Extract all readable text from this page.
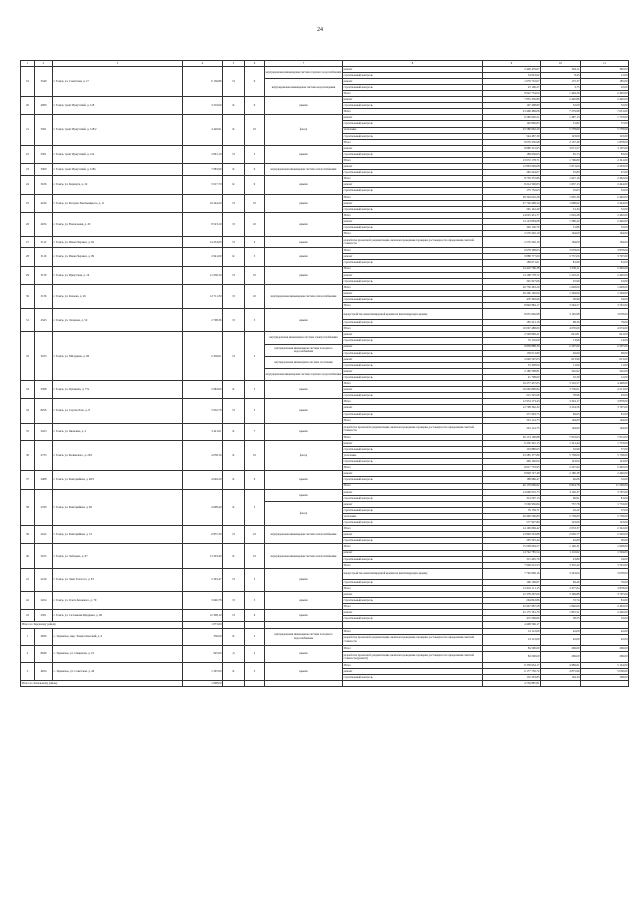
24
1	2	3	4	5	6	7	8	9	10	11
19	3340	г. Томск, ул. Советская, д. 17	6 156,86	П	9	внутридомовая инженерная система горячего водоснабжения	ремонт	2 426 479,67	394,11	382,00
							строительный контроль	54 023,62	8,45	12,00
						внутридомовая инженерная система водоотведения	ремонт	1 079 732,07	175,37	185,00
							строительный контроль	23 106,27	3,75	10,00
							Итого	8 922 734,00	1 449,26	2 495,00
20	4090	г. Томск, тракт Иркутский, д. 118	3 219,60	К	9	крыша	ремонт	7 855 356,89	2 440,86	2 440,00
							строительный контроль	167 408,80	52,00	52,00
							Итого	23 466 489,08	7 279,98	7 631,00
21	3301	г. Томск, тракт Иркутский, д. 118/2	4 426,91	К	10	фасад	ремонт	6 582 620,21	1 487,13	1 733,00
							строительный контроль	140 860,85	31,82	37,00
							утепление	25 580 062,20	5 778,60	5 778,00
							строительный контроль	544 487,30	123,00	123,00
							Итого	8 070 250,98	2 137,30	1 878,00
22	3301	г. Томск, тракт Иркутский, д. 122	2 891,10	П	5	крыша	ремонт	8 880 312,95	3 071,57	3 197,00
							строительный контроль	189 036,63	65,73	83,00
							Итого	13 072 178,71	1 706,80	2 341,00
23	3309	г. Томск, тракт Иркутский, д. 128а	7 683,90	К	9	внутридомовая инженерная система теплоснабжения	ремонт	12 803 009,68	1 671,04	2 293,00
							строительный контроль	282 244,07	35,80	47,00
24	3166	г. Томск, ул. Барнаула, д. 22	5 017,70	К	9	крыша	Итого	8 750 372,86	1 627,16	2 492,00
							ремонт	8 214 590,83	1 637,13	2 444,00
							строительный контроль	175 752,03	35,03	52,00
25	4240	г. Томск, ул. Богдана Хмельницкого, д. 11	16 244,29	П	10	крыша	Итого	28 304 616,28	1 695,36	2 492,00
							ремонт	27 726 498,54	1 668,62	2 444,00
							строительный контроль	591 142,29	31,34	52,00
26	4184	г. Томск, ул. Вокзальная, д. 43	8 523,10	П	10	крыша	Итого	14 025 451,77	1 616,28	2 492,00
							ремонт	14 123 804,08	1 580,42	2 440,00
							строительный контроль	302 136,79	31,86	52,00
							Итого	2 570 292,10	164,00	164,00
27	3112	г. Томск, ул. Ивана Черных, д. 92	14 453,00	П	9	крыша	разработка проектной документации, включая проведение проверки достоверности определения сметной стоимости	2 570 292,10	164,00	164,00
28	3116	г. Томск, ул. Ивана Черных, д. 99	2 941,00	К	5	крыша	Итого	9 678 398,03	3 678,00	3 878,00
							ремонт	9 888 777,60	3 757,00	3 797,00
							строительный контроль	189 671,01	81,99	81,00
29	3130	г. Томск, ул. Иркутская, д. 16	11 658,10	П	10	крыша	Итого	14 410 766,38	1 236,11	2 492,00
							ремонт	14 108 778,72	1 210,21	2 440,00
							строительный контроль	301 927,66	25,90	52,00
30	3136	г. Томск, ул. Клюева, д. 26	12 711,30	П	10	внутридомовая инженерная система теплоснабжения	Итого	26 730 463,20	1 628,00	1 628,00
							ремонт	26 260 140,60	1 594,60	1 594,00
							строительный контроль	470 349,60	36,99	34,00
							Итого	8 840 884,17	3 264,57	3 745,00
31	4343	г. Томск, ул. Лазарева, д. 52	2 708,36	П	5	крыша	переустройство невентилируемой крыши на вентилируемую крышу	8 655 662,98	3 195,98	3 678,00
							строительный контроль	185 221,19	68,39	79,00
							Итого	10 067 488,00	4 070,00	4 074,00
32	3433	г. Томск, ул. Мичурина, д. 84	2 439,01	П	5	внутридомовая инженерная система электроснабжения	ремонт	2 528 809,41	641,81	641,00
							строительный контроль	55 116,00	13,98	14,00
						внутридомовая инженерная система холодного водоснабжения	ремонт	9 858 888,39	2 297,60	2 297,00
							строительный контроль	138 013,80	49,69	69,00
						внутридомовая инженерная система отопления	ремонт	2 620 567,03	613,99	613,00
							строительный контроль	53 328,00	11,60	11,00
						внутридомовая инженерная система горячего водоснабжения	ремонт	2 180 598,81	542,92	542,00
							строительный контроль	41 798,00	10,39	12,00
33	3398	г. Томск, ул. Пушкина, д. 77а	2 983,00	К	5	крыша	Итого	16 277 437,05	5 516,57	4 448,00
							ремонт	10 062 809,84	3 736,61	4 213,00
							строительный контроль	215 325,09	78,96	93,00
34	8256	г. Томск, ул. Сергея Лазо, д. 8	5 932,79	П	5	крыша	Итого	12 974 173,43	3 324,17	3 878,00
							ремонт	12 708 362,32	3 254,56	3 797,00
							строительный контроль	271 903,73	69,63	81,00
							Итого	561 114,75	164,00	164,00
35	3423	г. Томск, ул. Яковлева, д. 2	3 421,01	К	7	крыша	разработка проектной документации, включая проведение проверки достоверности определения сметной стоимости	561 114,75	164,00	164,00
							Итого	30 174 100,88	7 653,63	7 631,00
36	2735	г. Томск, ул. Белинского, д. 20/1	4 058,16	К	10	фасад	ремонт	6 250 345,15	1 541,44	1 733,00
							строительный контроль	133 880,65	32,99	37,00
							утепление	23 285 377,80	5 738,00	5 738,00
							строительный контроль	499 146,00	123,00	123,00
							Итого	8 617 733,95	2 227,04	2 492,00
37	2488	г. Томск, ул. Бактерийная, д. 48/3	4 049,20	К	9	крыша	ремонт	8 828 747,48	2 180,38	2 440,00
							строительный контроль	188 986,47	46,66	52,00
							Итого	46 179 669,62	9 824,78	11 509,00
38	2339	г. Томск, ул. Бактерийная, д. 48	4 698,40	К	5	крыша	ремонт	14 696 052,73	3 126,37	3 797,00
							строительный контроль	314 507,13	66,91	81,00
						фасад	ремонт	3 560 936,84	757,78	1 733,00
							строительный контроль	76 139,71	16,22	37,00
							утепление	26 960 566,80	5 738,00	5 738,00
							строительный контроль	577 927,80	123,00	123,00
39	2422	г. Томск, ул. Бактерийная, д. 74	6 857,30	П	10	внутридомовая инженерная система теплоснабжения	Итого	14 106 069,42	2 053,37	2 342,00
							ремонт	13 849 543,88	2 030,77	2 292,00
							строительный контроль	295 545,44	42,60	50,00
40	2165	г. Томск, ул. Лебедева, д. 67	13 203,40	К	10	внутридомовая инженерная система теплоснабжения	Итого	15 028 094,57	1 140,31	1 628,00
							ремонт	14 742 785,54	1 116,62	1 594,00
							строительный контроль	315 465,79	23,89	34,00
							Итого	7 928 212,53	3 332,42	3 745,00
41	2419	г. Томск, ул. Льва Толстого, д. 81	2 393,47	П	5	крыша	переустройство невентилируемой крыши на вентилируемую крышу	7 762 096,16	3 243,04	3 678,00
							строительный контроль	166 109,67	69,40	79,00
							Итого	12 645 111,15	3 477,04	3 878,00
42	2454	г. Томск, ул. Олега Кошевого, д. 70	3 640,78	П	5	крыша	ремонт	12 378 267,60	3 399,88	3 797,00
							строительный контроль	264 843,86	72,74	81,00
							Итого	22 647 687,58	1 840,06	2 492,00
43	2501	г. Томск, ул. Салтыкова-Щедрина, д. 48	12 308,10	П	9	крыша	ремонт	22 175 181,79	1 801,51	2 440,00
							строительный контроль	472 506,60	38,55	52,00
Итого по Заречному району			1 873,00					4 498 566,17		
1	4839	с. Зарянское, мкр. Энергетический, д. 6	336,00	К	2	внутридомовая инженерная система холодного водоснабжения	Итого	14 112,00	42,00	42,00
							разработка проектной документации, включая проведение проверки достоверности определения сметной стоимости	14 112,00	42,00	42,00
2	8040	с. Зарянское, ул. Смирнова, д. 19	925,00	Д	2	крыша	Итого	84 500,00	269,00	269,00
							разработка проектной документации, включая проведение проверки достоверности определения сметной стоимости (ремонт)	84 500,00	269,00	269,00
3	4654	с. Зарянское, ул. Советская, д. 49	1 267,00	К	3	крыша	Итого	6 339 954,17	4 989,61	5 144,00
							ремонт	6 177 750,72	4 875,99	5 036,00
							строительный контроль	132 203,85	104,34	108,00
Итого по Зональному району			1 898,00					4 759 887,81		
